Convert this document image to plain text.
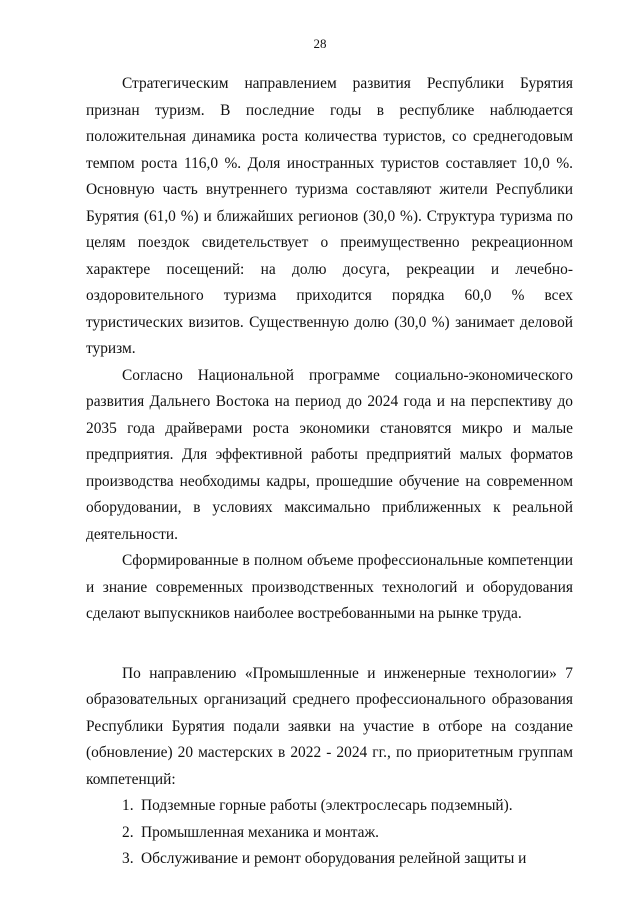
28

Стратегическим направлением развития Республики Бурятия признан туризм. В последние годы в республике наблюдается положительная динамика роста количества туристов, со среднегодовым темпом роста 116,0 %. Доля иностранных туристов составляет 10,0 %. Основную часть внутреннего туризма составляют жители Республики Бурятия (61,0 %) и ближайших регионов (30,0 %). Структура туризма по целям поездок свидетельствует о преимущественно рекреационном характере посещений: на долю досуга, рекреации и лечебно-оздоровительного туризма приходится порядка 60,0 % всех туристических визитов. Существенную долю (30,0 %) занимает деловой туризм.

Согласно Национальной программе социально-экономического развития Дальнего Востока на период до 2024 года и на перспективу до 2035 года драйверами роста экономики становятся микро и малые предприятия. Для эффективной работы предприятий малых форматов производства необходимы кадры, прошедшие обучение на современном оборудовании, в условиях максимально приближенных к реальной деятельности.

Сформированные в полном объеме профессиональные компетенции и знание современных производственных технологий и оборудования сделают выпускников наиболее востребованными на рынке труда.

По направлению «Промышленные и инженерные технологии» 7 образовательных организаций среднего профессионального образования Республики Бурятия подали заявки на участие в отборе на создание (обновление) 20 мастерских в 2022 - 2024 гг., по приоритетным группам компетенций:

1. Подземные горные работы (электрослесарь подземный).
2. Промышленная механика и монтаж.
3. Обслуживание и ремонт оборудования релейной защиты и
